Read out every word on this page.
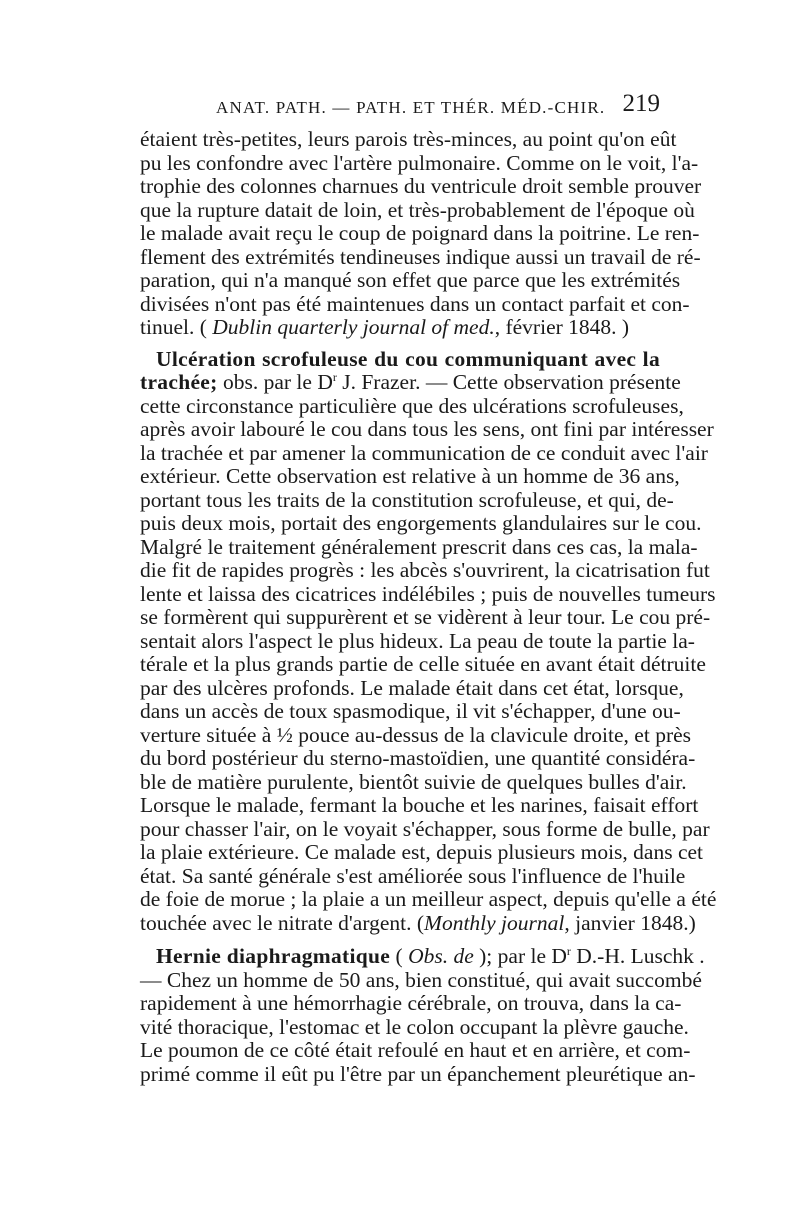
ANAT. PATH. — PATH. ET THÉR. MÉD.-CHIR. 219
étaient très-petites, leurs parois très-minces, au point qu'on eût
pu les confondre avec l'artère pulmonaire. Comme on le voit, l'a-
trophie des colonnes charnues du ventricule droit semble prouver
que la rupture datait de loin, et très-probablement de l'époque où
le malade avait reçu le coup de poignard dans la poitrine. Le ren-
flement des extrémités tendineuses indique aussi un travail de ré-
paration, qui n'a manqué son effet que parce que les extrémités
divisées n'ont pas été maintenues dans un contact parfait et con-
tinuel. ( Dublin quarterly journal of med., février 1848. )
Ulcération scrofuleuse du cou communiquant avec la
trachée; obs. par le $D^r$ J. Frazer. — Cette observation présente
cette circonstance particulière que des ulcérations scrofuleuses,
après avoir labouré le cou dans tous les sens, ont fini par intéresser
la trachée et par amener la communication de ce conduit avec l'air
extérieur. Cette observation est relative à un homme de 36 ans,
portant tous les traits de la constitution scrofuleuse, et qui, de-
puis deux mois, portait des engorgements glandulaires sur le cou.
Malgré le traitement généralement prescrit dans ces cas, la mala-
die fit de rapides progrès : les abcès s'ouvrirent, la cicatrisation fut
lente et laissa des cicatrices indélébiles ; puis de nouvelles tumeurs
se formèrent qui suppurèrent et se vidèrent à leur tour. Le cou pré-
sentait alors l'aspect le plus hideux. La peau de toute la partie la-
térale et la plus grands partie de celle située en avant était détruite
par des ulcères profonds. Le malade était dans cet état, lorsque,
dans un accès de toux spasmodique, il vit s'échapper, d'une ou-
verture située à ½ pouce au-dessus de la clavicule droite, et près
du bord postérieur du sterno-mastoïdien, une quantité considéra-
ble de matière purulente, bientôt suivie de quelques bulles d'air.
Lorsque le malade, fermant la bouche et les narines, faisait effort
pour chasser l'air, on le voyait s'échapper, sous forme de bulle, par
la plaie extérieure. Ce malade est, depuis plusieurs mois, dans cet
état. Sa santé générale s'est améliorée sous l'influence de l'huile
de foie de morue ; la plaie a un meilleur aspect, depuis qu'elle a été
touchée avec le nitrate d'argent. (Monthly journal, janvier 1848.)
Hernie diaphragmatique ( Obs. de ); par le $D^r$ D.-H. Luschk .
— Chez un homme de 50 ans, bien constitué, qui avait succombé
rapidement à une hémorrhagie cérébrale, on trouva, dans la ca-
vité thoracique, l'estomac et le colon occupant la plèvre gauche.
Le poumon de ce côté était refoulé en haut et en arrière, et com-
primé comme il eût pu l'être par un épanchement pleurétique an-
